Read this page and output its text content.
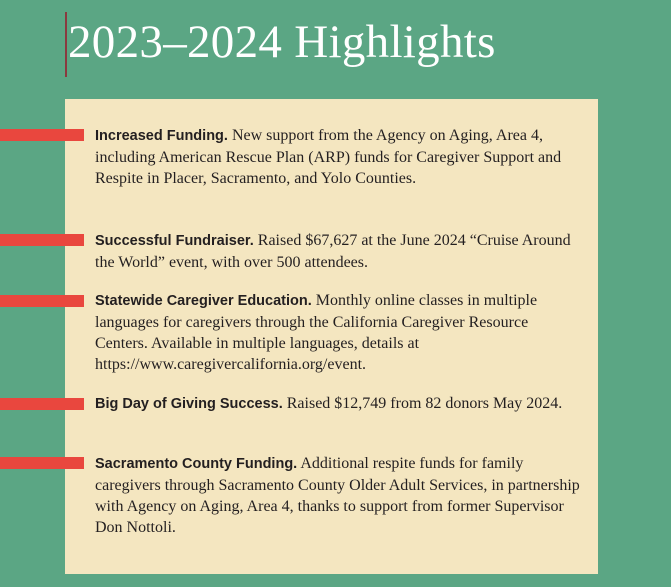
2023–2024 Highlights

Increased Funding. New support from the Agency on Aging, Area 4, including American Rescue Plan (ARP) funds for Caregiver Support and Respite in Placer, Sacramento, and Yolo Counties.

Successful Fundraiser. Raised $67,627 at the June 2024 “Cruise Around the World” event, with over 500 attendees.

Statewide Caregiver Education. Monthly online classes in multiple languages for caregivers through the California Caregiver Resource Centers. Available in multiple languages, details at https://www.caregivercalifornia.org/event.

Big Day of Giving Success. Raised $12,749 from 82 donors May 2024.

Sacramento County Funding. Additional respite funds for family caregivers through Sacramento County Older Adult Services, in partnership with Agency on Aging, Area 4, thanks to support from former Supervisor Don Nottoli.
